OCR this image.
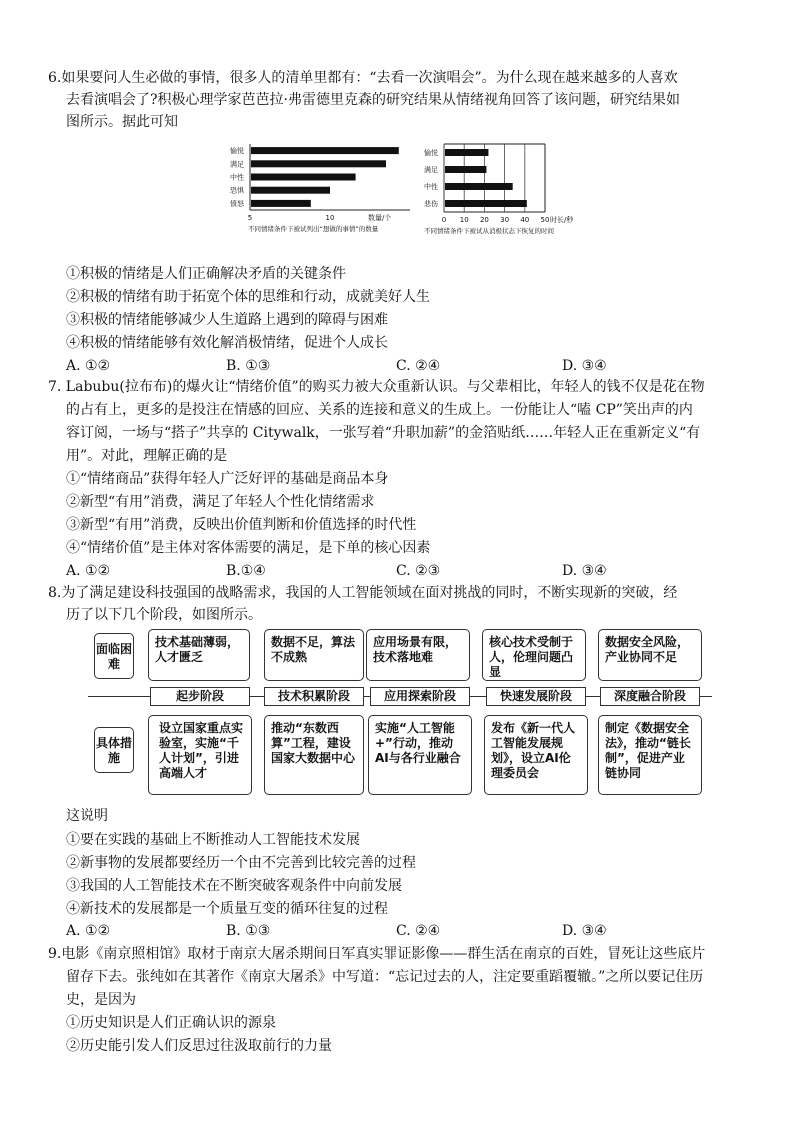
6.如果要问人生必做的事情，很多人的清单里都有：“去看一次演唱会”。为什么现在越来越多的人喜欢
去看演唱会了?积极心理学家芭芭拉·弗雷德里克森的研究结果从情绪视角回答了该问题，研究结果如
图所示。据此可知
5	10
愉悦
满足
中性
恐惧
愤怒
数量/个
不同情绪条件下被试列出“想做的事情”的数量
0 10 20 30 40 50
愉悦
满足
中性
悲伤
时长/秒
不同情绪条件下被试从消极状态下恢复的时间
①积极的情绪是人们正确解决矛盾的关键条件
②积极的情绪有助于拓宽个体的思维和行动，成就美好人生
③积极的情绪能够减少人生道路上遇到的障碍与困难
④积极的情绪能够有效化解消极情绪，促进个人成长
A. ①②	B. ①③	C. ②④	D. ③④
7. Labubu(拉布布)的爆火让“情绪价值”的购买力被大众重新认识。与父辈相比，年轻人的钱不仅是花在物
的占有上，更多的是投注在情感的回应、关系的连接和意义的生成上。一份能让人“嗑 CP”笑出声的内
容订阅，一场与“搭子”共享的 Citywalk，一张写着“升职加薪”的金箔贴纸……年轻人正在重新定义“有
用”。对此，理解正确的是
①“情绪商品”获得年轻人广泛好评的基础是商品本身
②新型“有用”消费，满足了年轻人个性化情绪需求
③新型“有用”消费，反映出价值判断和价值选择的时代性
④“情绪价值”是主体对客体需要的满足，是下单的核心因素
A. ①②	B.①④	C. ②③	D. ③④
8.为了满足建设科技强国的战略需求，我国的人工智能领域在面对挑战的同时，不断实现新的突破，经
历了以下几个阶段，如图所示。
面临困难
具体措施
技术基础薄弱，人才匮乏
数据不足，算法不成熟
应用场景有限，技术落地难
核心技术受制于人，伦理问题凸显
数据安全风险，产业协同不足
起步阶段	技术积累阶段	应用探索阶段	快速发展阶段	深度融合阶段
设立国家重点实验室，实施“千人计划”，引进高端人才
推动“东数西算”工程，建设国家大数据中心
实施“人工智能+”行动，推动AI与各行业融合
发布《新一代人工智能发展规划》，设立AI伦理委员会
制定《数据安全法》，推动“链长制”，促进产业链协同
这说明
①要在实践的基础上不断推动人工智能技术发展
②新事物的发展都要经历一个由不完善到比较完善的过程
③我国的人工智能技术在不断突破客观条件中向前发展
④新技术的发展都是一个质量互变的循环往复的过程
A. ①②	B. ①③	C. ②④	D. ③④
9.电影《南京照相馆》取材于南京大屠杀期间日军真实罪证影像——群生活在南京的百姓，冒死让这些底片
留存下去。张纯如在其著作《南京大屠杀》中写道：“忘记过去的人，注定要重蹈覆辙。”之所以要记住历
史，是因为
①历史知识是人们正确认识的源泉
②历史能引发人们反思过往汲取前行的力量
